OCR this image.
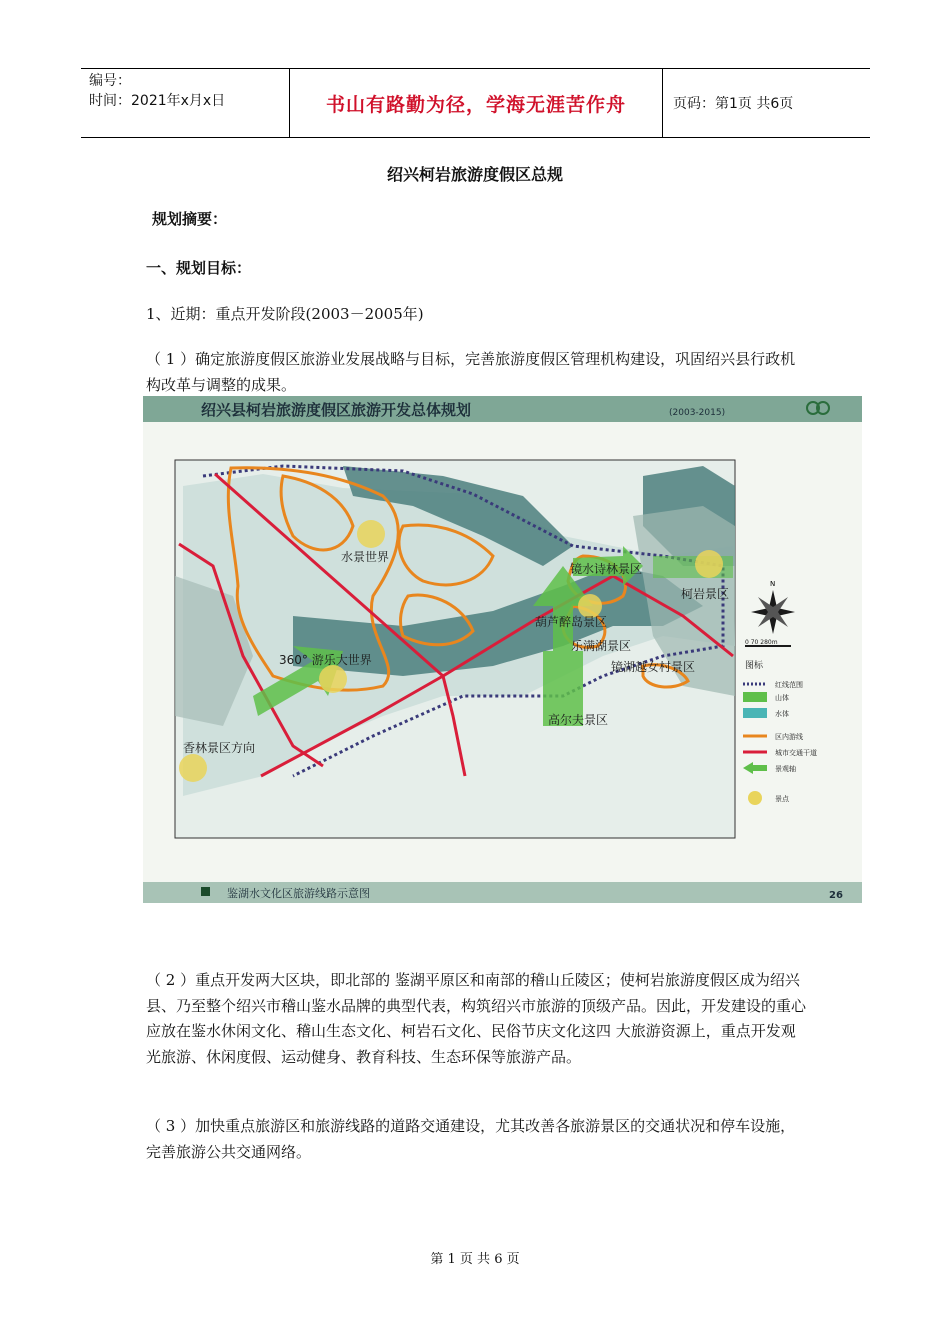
编号：
时间：2021年x月x日	书山有路勤为径，学海无涯苦作舟	页码：第1页 共6页
绍兴柯岩旅游度假区总规
规划摘要：
一、规划目标：
1、近期：重点开发阶段(2003－2005年)
（ 1 ）确定旅游度假区旅游业发展战略与目标，完善旅游度假区管理机构建设，巩固绍兴县行政机构改革与调整的成果。
绍兴县柯岩旅游度假区旅游开发总体规划	(2003-2015)
鉴湖水文化区旅游线路示意图	26
水景世界
镜水诗林景区
柯岩景区
葫芦醉岛景区
乐满湖景区
镜湖越女村景区
360° 游乐大世界
高尔夫景区
香林景区方向
N
0 70 280m
图标
红线范围
山体
水体
区内游线
城市交通干道
景观轴
景点
（ 2 ）重点开发两大区块，即北部的 鉴湖平原区和南部的稽山丘陵区；使柯岩旅游度假区成为绍兴县、乃至整个绍兴市稽山鉴水品牌的典型代表，构筑绍兴市旅游的顶级产品。因此，开发建设的重心应放在鉴水休闲文化、稽山生态文化、柯岩石文化、民俗节庆文化这四 大旅游资源上，重点开发观光旅游、休闲度假、运动健身、教育科技、生态环保等旅游产品。
（ 3 ）加快重点旅游区和旅游线路的道路交通建设，尤其改善各旅游景区的交通状况和停车设施，完善旅游公共交通网络。
第 1 页 共 6 页
